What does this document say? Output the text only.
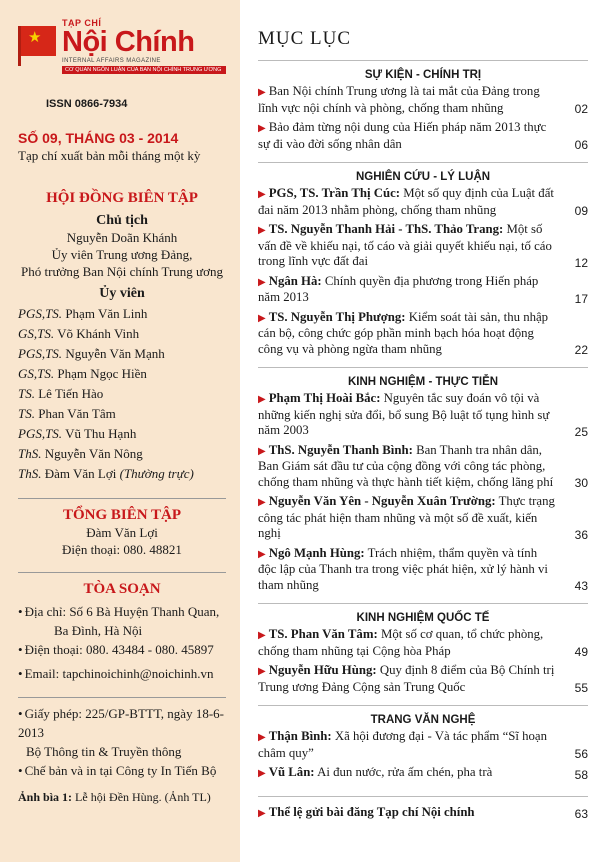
★
TẠP CHÍ
Nội Chính
INTERNAL AFFAIRS MAGAZINE
CƠ QUAN NGÔN LUẬN CỦA BAN NỘI CHÍNH TRUNG ƯƠNG
ISSN 0866-7934
SỐ 09, THÁNG 03 - 2014
Tạp chí xuất bản mỗi tháng một kỳ
HỘI ĐỒNG BIÊN TẬP
Chủ tịch
Nguyễn Doãn Khánh
Ủy viên Trung ương Đảng,
Phó trưởng Ban Nội chính Trung ương
Ủy viên
PGS,TS. Phạm Văn Linh
GS,TS. Võ Khánh Vinh
PGS,TS. Nguyễn Văn Mạnh
GS,TS. Phạm Ngọc Hiền
TS. Lê Tiến Hào
TS. Phan Văn Tâm
PGS,TS. Vũ Thu Hạnh
ThS. Nguyễn Văn Nông
ThS. Đàm Văn Lợi (Thường trực)
TỔNG BIÊN TẬP
Đàm Văn Lợi
Điện thoại: 080. 48821
TÒA SOẠN
• Địa chỉ: Số 6 Bà Huyện Thanh Quan,
Ba Đình, Hà Nội
• Điện thoại: 080. 43484 - 080. 45897
• Email: tapchinoichinh@noichinh.vn
• Giấy phép: 225/GP-BTTT, ngày 18-6-2013
Bộ Thông tin & Truyền thông
• Chế bản và in tại Công ty In Tiến Bộ
Ảnh bìa 1: Lễ hội Đền Hùng. (Ảnh TL)
MỤC LỤC
SỰ KIỆN - CHÍNH TRỊ
▶ Ban Nội chính Trung ương là tai mắt của Đảng trong lĩnh vực nội chính và phòng, chống tham nhũng	02
▶ Bảo đảm từng nội dung của Hiến pháp năm 2013 thực sự đi vào đời sống nhân dân	06
NGHIÊN CỨU - LÝ LUẬN
▶ PGS, TS. Trần Thị Cúc: Một số quy định của Luật đất đai năm 2013 nhằm phòng, chống tham nhũng	09
▶ TS. Nguyễn Thanh Hải - ThS. Thảo Trang: Một số vấn đề về khiếu nại, tố cáo và giải quyết khiếu nại, tố cáo trong lĩnh vực đất đai	12
▶ Ngân Hà: Chính quyền địa phương trong Hiến pháp năm 2013	17
▶ TS. Nguyễn Thị Phượng: Kiểm soát tài sản, thu nhập cán bộ, công chức góp phần minh bạch hóa hoạt động công vụ và phòng ngừa tham nhũng	22
KINH NGHIỆM - THỰC TIỄN
▶ Phạm Thị Hoài Bắc: Nguyên tắc suy đoán vô tội và những kiến nghị sửa đổi, bổ sung Bộ luật tố tụng hình sự năm 2003	25
▶ ThS. Nguyễn Thanh Bình: Ban Thanh tra nhân dân, Ban Giám sát đầu tư của cộng đồng với công tác phòng, chống tham nhũng và thực hành tiết kiệm, chống lãng phí	30
▶ Nguyễn Văn Yên - Nguyễn Xuân Trường: Thực trạng công tác phát hiện tham nhũng và một số đề xuất, kiến nghị	36
▶ Ngô Mạnh Hùng: Trách nhiệm, thẩm quyền và tính độc lập của Thanh tra trong việc phát hiện, xử lý hành vi tham nhũng	43
KINH NGHIỆM QUỐC TẾ
▶ TS. Phan Văn Tâm: Một số cơ quan, tổ chức phòng, chống tham nhũng tại Cộng hòa Pháp	49
▶ Nguyễn Hữu Hùng: Quy định 8 điểm của Bộ Chính trị Trung ương Đảng Cộng sản Trung Quốc	55
TRANG VĂN NGHỆ
▶ Thận Bình: Xã hội đương đại - Và tác phẩm “Sĩ hoạn châm quy”	56
▶ Vũ Lân: Ai đun nước, rửa ấm chén, pha trà	58
▶ Thể lệ gửi bài đăng Tạp chí Nội chính	63
